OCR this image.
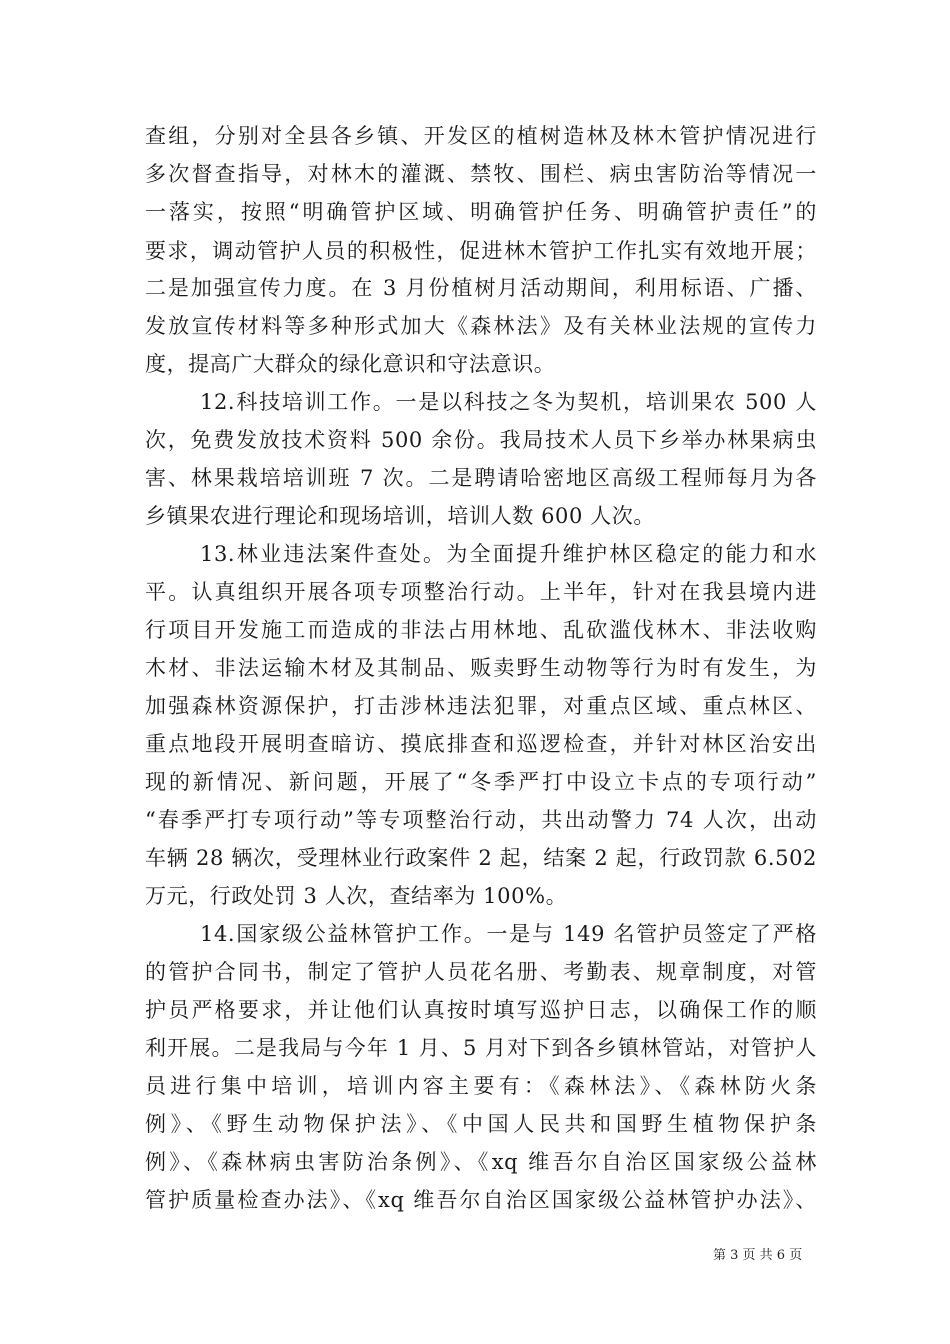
查组，分别对全县各乡镇、开发区的植树造林及林木管护情况进行
多次督查指导，对林木的灌溉、禁牧、围栏、病虫害防治等情况一
一落实，按照“明确管护区域、明确管护任务、明确管护责任”的
要求，调动管护人员的积极性，促进林木管护工作扎实有效地开展；
二是加强宣传力度。在 3 月份植树月活动期间，利用标语、广播、
发放宣传材料等多种形式加大《森林法》及有关林业法规的宣传力
度，提高广大群众的绿化意识和守法意识。
12.科技培训工作。一是以科技之冬为契机，培训果农 500 人
次，免费发放技术资料 500 余份。我局技术人员下乡举办林果病虫
害、林果栽培培训班 7 次。二是聘请哈密地区高级工程师每月为各
乡镇果农进行理论和现场培训，培训人数 600 人次。
13.林业违法案件查处。为全面提升维护林区稳定的能力和水
平。认真组织开展各项专项整治行动。上半年，针对在我县境内进
行项目开发施工而造成的非法占用林地、乱砍滥伐林木、非法收购
木材、非法运输木材及其制品、贩卖野生动物等行为时有发生，为
加强森林资源保护，打击涉林违法犯罪，对重点区域、重点林区、
重点地段开展明查暗访、摸底排查和巡逻检查，并针对林区治安出
现的新情况、新问题，开展了“冬季严打中设立卡点的专项行动”
“春季严打专项行动”等专项整治行动，共出动警力 74 人次，出动
车辆 28 辆次，受理林业行政案件 2 起，结案 2 起，行政罚款 6.502
万元，行政处罚 3 人次，查结率为 100%。
14.国家级公益林管护工作。一是与 149 名管护员签定了严格
的管护合同书，制定了管护人员花名册、考勤表、规章制度，对管
护员严格要求，并让他们认真按时填写巡护日志，以确保工作的顺
利开展。二是我局与今年 1 月、5 月对下到各乡镇林管站，对管护人
员进行集中培训，培训内容主要有：《森林法》、《森林防火条
例》、《野生动物保护法》、《中国人民共和国野生植物保护条
例》、《森林病虫害防治条例》、《xq 维吾尔自治区国家级公益林
管护质量检查办法》、《xq 维吾尔自治区国家级公益林管护办法》、
第 3 页 共 6 页
